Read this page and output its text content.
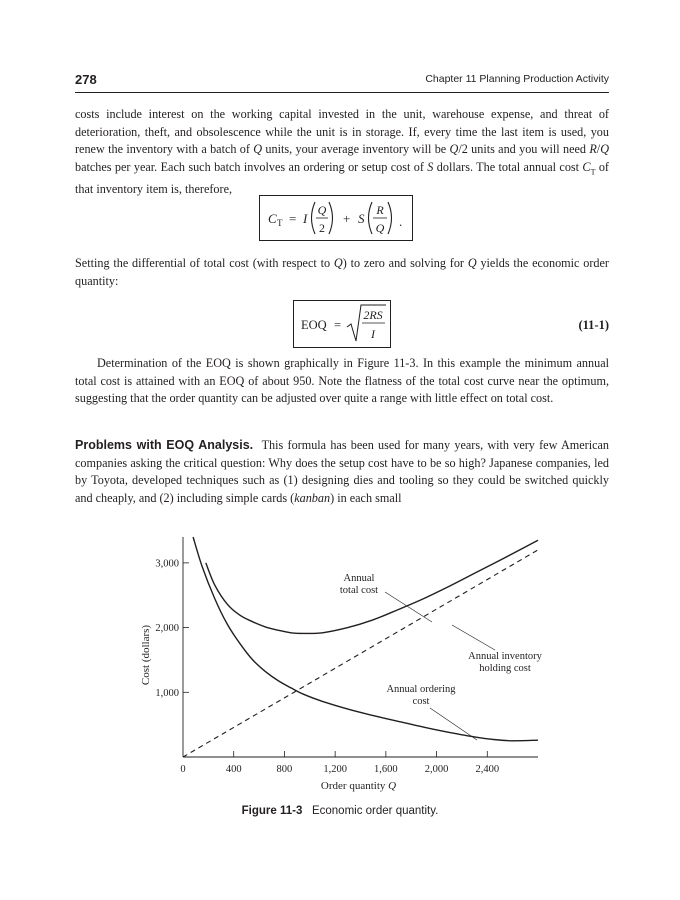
278	Chapter 11 Planning Production Activity

costs include interest on the working capital invested in the unit, warehouse expense, and threat of deterioration, theft, and obsolescence while the unit is in storage. If, every time the last item is used, you renew the inventory with a batch of Q units, your average inventory will be Q/2 units and you will need R/Q batches per year. Each such batch involves an ordering or setup cost of S dollars. The total annual cost $C_T$ of that inventory item is, therefore,

C T = I
Q
2
+ S
R
Q .

Setting the differential of total cost (with respect to Q) to zero and solving for Q yields the economic order quantity:

EOQ =
2RS
I
(11-1)

Determination of the EOQ is shown graphically in Figure 11-3. In this example the minimum annual total cost is attained with an EOQ of about 950. Note the flatness of the total cost curve near the optimum, suggesting that the order quantity can be adjusted over quite a range with little effect on total cost.

Problems with EOQ Analysis. This formula has been used for many years, with very few American companies asking the critical question: Why does the setup cost have to be so high? Japanese companies, led by Toyota, developed techniques such as (1) designing dies and tooling so they could be switched quickly and cheaply, and (2) including simple cards (kanban) in each small

Order quantity Q
Cost (dollars)
0	400	800	1,200	1,600	2,000	2,400
1,000
2,000
3,000
Annual
total cost
Annual inventory
holding cost
Annual ordering
cost
Figure 11-3 Economic order quantity.
